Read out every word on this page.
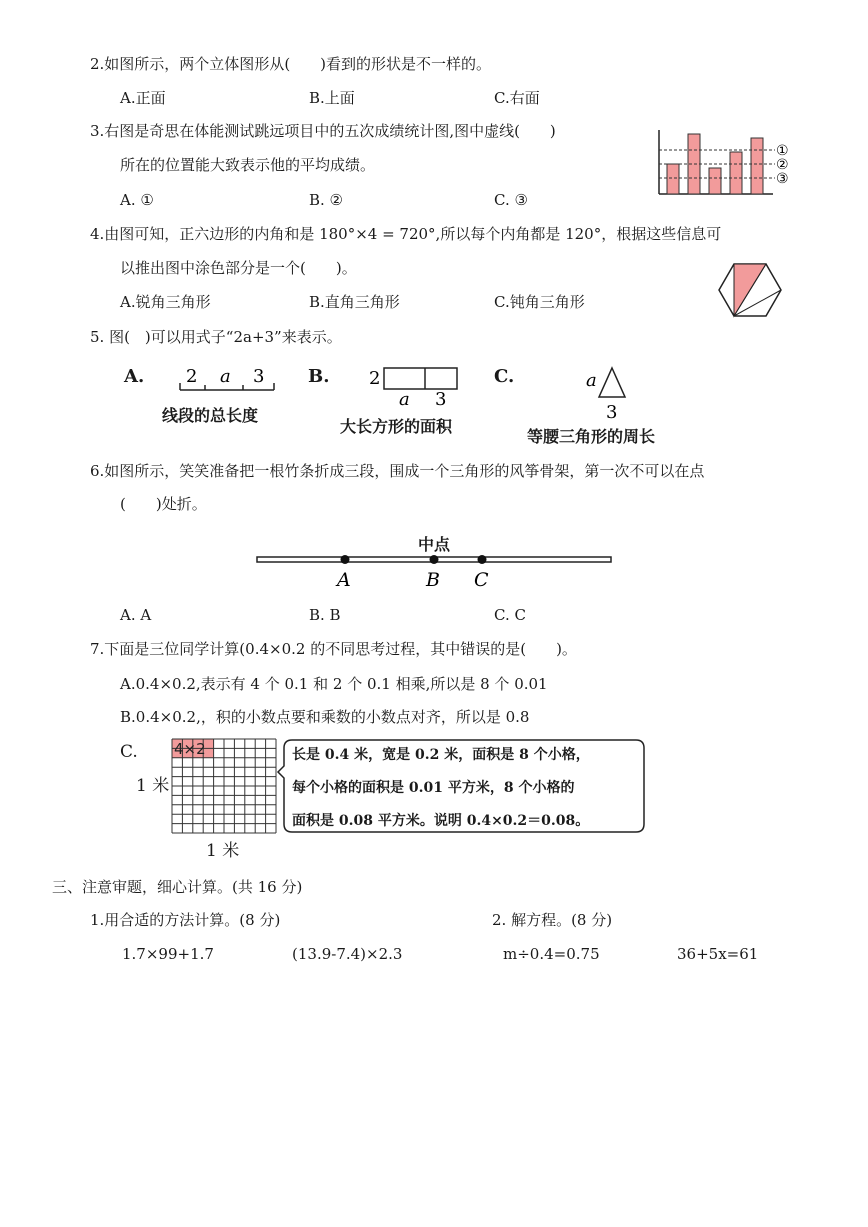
2.如图所示，两个立体图形从(　　)看到的形状是不一样的。
A.正面	B.上面	C.右面
3.右图是奇思在体能测试跳远项目中的五次成绩统计图,图中虚线(　　)
所在的位置能大致表示他的平均成绩。
A. ①	B. ②	C. ③
①
②
③
4.由图可知，正六边形的内角和是 180°×4 = 720°,所以每个内角都是 120°，根据这些信息可
以推出图中涂色部分是一个(　　)。
A.锐角三角形	B.直角三角形	C.钝角三角形
5. 图(　)可以用式子“2a+3”来表示。
A. 2 a 3
线段的总长度
B. 2
a 3
大长方形的面积
C.	a
3
等腰三角形的周长
6.如图所示，笑笑准备把一根竹条折成三段，围成一个三角形的风筝骨架，第一次不可以在点
(　　)处折。
中点
A	B C
A. A	B. B	C. C
7.下面是三位同学计算(0.4×0.2 的不同思考过程，其中错误的是(　　)。
A.0.4×0.2,表示有 4 个 0.1 和 2 个 0.1 相乘,所以是 8 个 0.01
B.0.4×0.2,，积的小数点要和乘数的小数点对齐，所以是 0.8
C.
1 米
4×2
1 米
长是 0.4 米，宽是 0.2 米，面积是 8 个小格，
每个小格的面积是 0.01 平方米，8 个小格的
面积是 0.08 平方米。说明 0.4×0.2＝0.08。
三、注意审题，细心计算。(共 16 分)
1.用合适的方法计算。(8 分)	2. 解方程。(8 分)
1.7×99+1.7	(13.9-7.4)×2.3	m÷0.4=0.75	36+5x=61
